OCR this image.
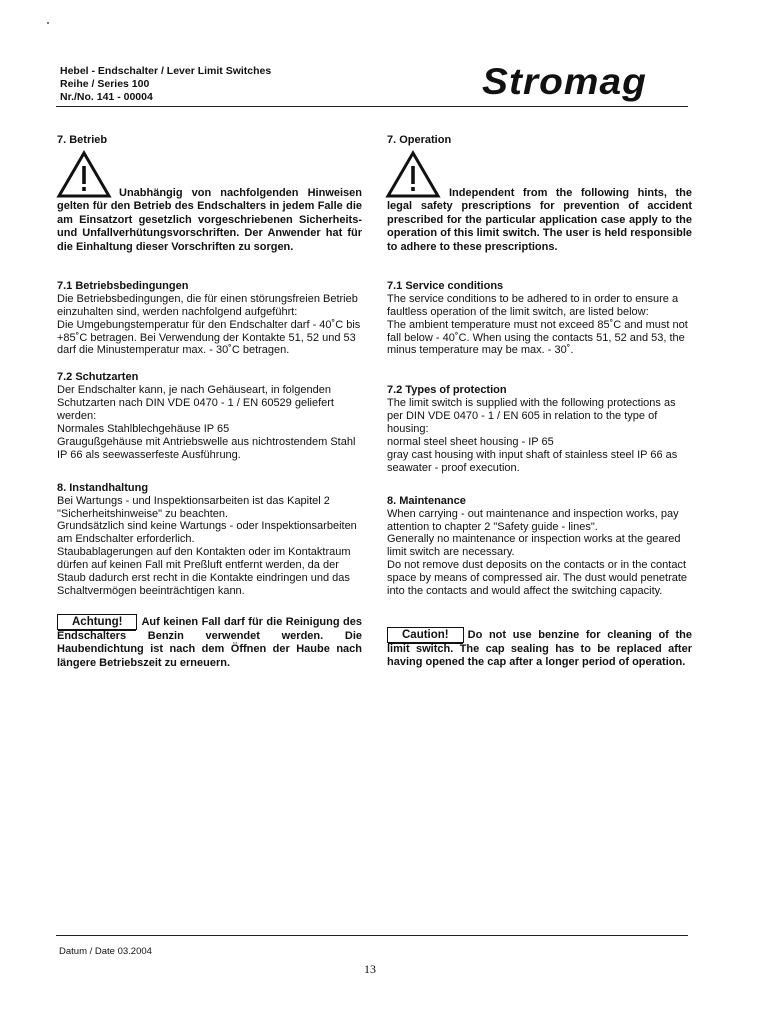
Hebel - Endschalter / Lever Limit Switches
Reihe / Series 100
Nr./No. 141 - 00004	Stromag

7. Betrieb

Unabhängig von nachfolgenden Hinweisen gelten für den Betrieb des Endschalters in jedem Falle die am Einsatzort gesetzlich vorgeschriebenen Sicherheits- und Unfallverhütungsvorschriften. Der Anwender hat für die Einhaltung dieser Vorschriften zu sorgen.

7.1 Betriebsbedingungen

Die Betriebsbedingungen, die für einen störungsfreien Betrieb einzuhalten sind, werden nachfolgend aufgeführt:

Die Umgebungstemperatur für den Endschalter darf - 40˚C bis +85˚C betragen. Bei Verwendung der Kontakte 51, 52 und 53 darf die Minustemperatur max. - 30˚C betragen.

7.2 Schutzarten

Der Endschalter kann, je nach Gehäuseart, in folgenden Schutzarten nach DIN VDE 0470 - 1 / EN 60529 geliefert werden:

Normales Stahlblechgehäuse IP 65

Graugußgehäuse mit Antriebswelle aus nichtrostendem Stahl IP 66 als seewasserfeste Ausführung.

8. Instandhaltung

Bei Wartungs - und Inspektionsarbeiten ist das Kapitel 2 "Sicherheitshinweise" zu beachten.

Grundsätzlich sind keine Wartungs - oder Inspektionsarbeiten am Endschalter erforderlich.

Staubablagerungen auf den Kontakten oder im Kontaktraum dürfen auf keinen Fall mit Preßluft entfernt werden, da der Staub dadurch erst recht in die Kontakte eindringen und das Schaltvermögen beeinträchtigen kann.

Achtung! Auf keinen Fall darf für die Reinigung des Endschalters Benzin verwendet werden. Die Haubendichtung ist nach dem Öffnen der Haube nach längere Betriebszeit zu erneuern.

7. Operation

Independent from the following hints, the legal safety prescriptions for prevention of accident prescribed for the particular application case apply to the operation of this limit switch. The user is held responsible to adhere to these prescriptions.

7.1 Service conditions

The service conditions to be adhered to in order to ensure a faultless operation of the limit switch, are listed below:

The ambient temperature must not exceed 85˚C and must not fall below - 40˚C. When using the contacts 51, 52 and 53, the minus temperature may be max. - 30˚.

7.2 Types of protection

The limit switch is supplied with the following protections as per DIN VDE 0470 - 1 / EN 605 in relation to the type of housing:

normal steel sheet housing - IP 65

gray cast housing with input shaft of stainless steel IP 66 as seawater - proof execution.

8. Maintenance

When carrying - out maintenance and inspection works, pay attention to chapter 2 "Safety guide - lines".

Generally no maintenance or inspection works at the geared limit switch are necessary.

Do not remove dust deposits on the contacts or in the contact space by means of compressed air. The dust would penetrate into the contacts and would affect the switching capacity.

Caution! Do not use benzine for cleaning of the limit switch. The cap sealing has to be replaced after having opened the cap after a longer period of operation.

Datum / Date 03.2004
13
